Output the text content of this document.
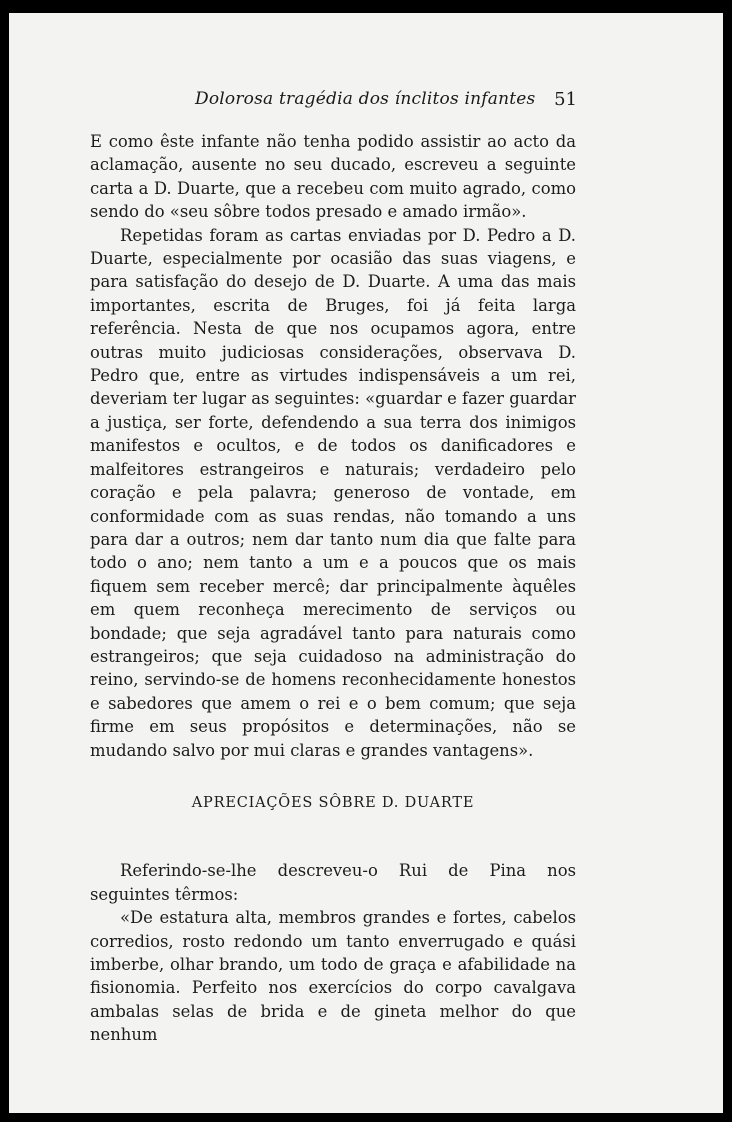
Dolorosa tragédia dos ínclitos infantes 51

E como êste infante não tenha podido assistir ao acto da aclamação, ausente no seu ducado, escreveu a seguinte carta a D. Duarte, que a recebeu com muito agrado, como sendo do «seu sôbre todos presado e amado irmão».

Repetidas foram as cartas enviadas por D. Pedro a D. Duarte, especialmente por ocasião das suas viagens, e para satisfação do desejo de D. Duarte. A uma das mais importantes, escrita de Bruges, foi já feita larga referência. Nesta de que nos ocupamos agora, entre outras muito judiciosas considerações, observava D. Pedro que, entre as virtudes indispensáveis a um rei, deveriam ter lugar as seguintes: «guardar e fazer guardar a justiça, ser forte, defendendo a sua terra dos inimigos manifestos e ocultos, e de todos os danificadores e malfeitores estrangeiros e naturais; verdadeiro pelo coração e pela palavra; generoso de vontade, em conformidade com as suas rendas, não tomando a uns para dar a outros; nem dar tanto num dia que falte para todo o ano; nem tanto a um e a poucos que os mais fiquem sem receber mercê; dar principalmente àquêles em quem reconheça merecimento de serviços ou bondade; que seja agradável tanto para naturais como estrangeiros; que seja cuidadoso na administração do reino, servindo-se de homens reconhecidamente honestos e sabedores que amem o rei e o bem comum; que seja firme em seus propósitos e determinações, não se mudando salvo por mui claras e grandes vantagens».

APRECIAÇÕES SÔBRE D. DUARTE

Referindo-se-lhe descreveu-o Rui de Pina nos seguintes têrmos:

«De estatura alta, membros grandes e fortes, cabelos corredios, rosto redondo um tanto enverrugado e quási imberbe, olhar brando, um todo de graça e afabilidade na fisionomia. Perfeito nos exercícios do corpo cavalgava ambalas selas de brida e de gineta melhor do que nenhum
